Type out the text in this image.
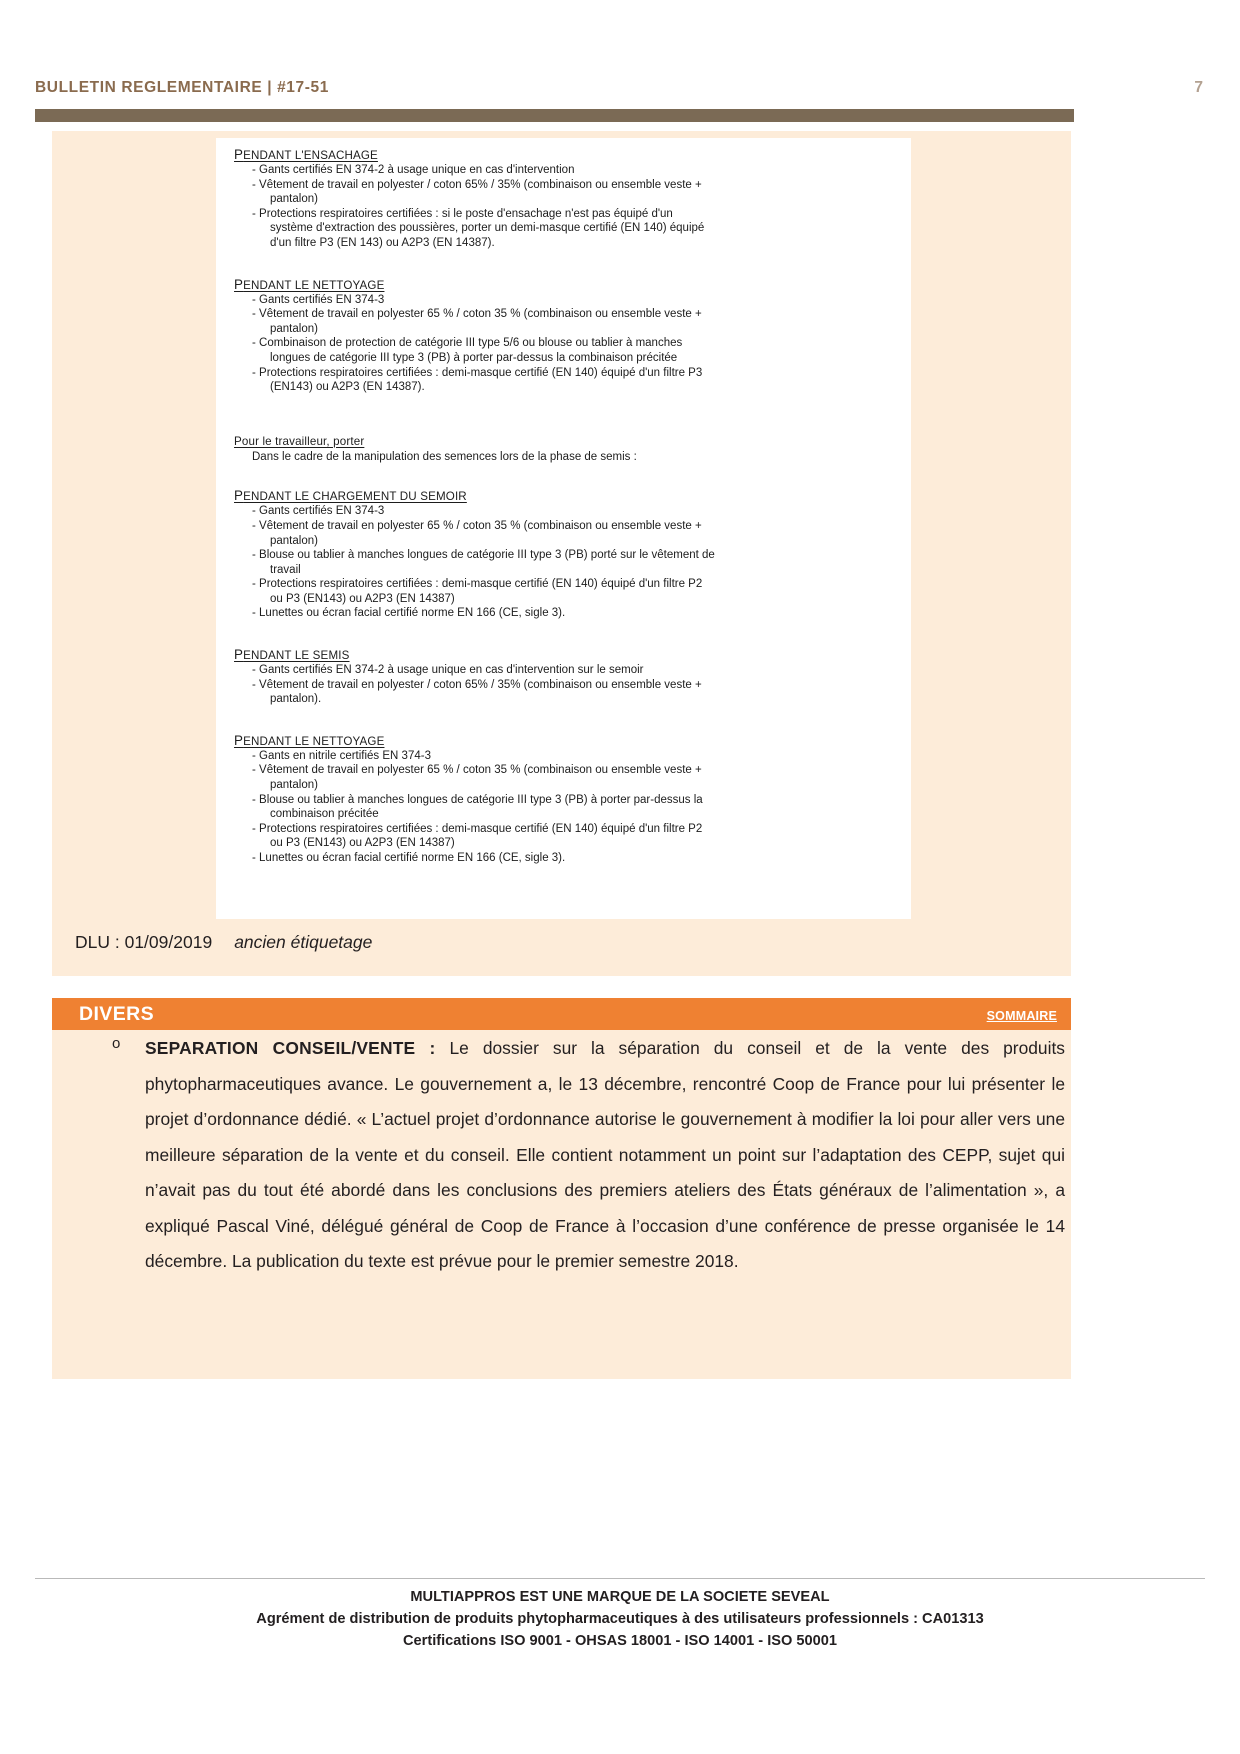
BULLETIN REGLEMENTAIRE | #17-51	7
PENDANT L'ENSACHAGE
- Gants certifiés EN 374-2 à usage unique en cas d'intervention
- Vêtement de travail en polyester / coton 65% / 35% (combinaison ou ensemble veste +
pantalon)
- Protections respiratoires certifiées : si le poste d'ensachage n'est pas équipé d'un
système d'extraction des poussières, porter un demi-masque certifié (EN 140) équipé
d'un filtre P3 (EN 143) ou A2P3 (EN 14387).
PENDANT LE NETTOYAGE
- Gants certifiés EN 374-3
- Vêtement de travail en polyester 65 % / coton 35 % (combinaison ou ensemble veste +
pantalon)
- Combinaison de protection de catégorie III type 5/6 ou blouse ou tablier à manches
longues de catégorie III type 3 (PB) à porter par-dessus la combinaison précitée
- Protections respiratoires certifiées : demi-masque certifié (EN 140) équipé d'un filtre P3
(EN143) ou A2P3 (EN 14387).
Pour le travailleur, porter
Dans le cadre de la manipulation des semences lors de la phase de semis :
PENDANT LE CHARGEMENT DU SEMOIR
- Gants certifiés EN 374-3
- Vêtement de travail en polyester 65 % / coton 35 % (combinaison ou ensemble veste +
pantalon)
- Blouse ou tablier à manches longues de catégorie III type 3 (PB) porté sur le vêtement de
travail
- Protections respiratoires certifiées : demi-masque certifié (EN 140) équipé d'un filtre P2
ou P3 (EN143) ou A2P3 (EN 14387)
- Lunettes ou écran facial certifié norme EN 166 (CE, sigle 3).
PENDANT LE SEMIS
- Gants certifiés EN 374-2 à usage unique en cas d'intervention sur le semoir
- Vêtement de travail en polyester / coton 65% / 35% (combinaison ou ensemble veste +
pantalon).
PENDANT LE NETTOYAGE
- Gants en nitrile certifiés EN 374-3
- Vêtement de travail en polyester 65 % / coton 35 % (combinaison ou ensemble veste +
pantalon)
- Blouse ou tablier à manches longues de catégorie III type 3 (PB) à porter par-dessus la
combinaison précitée
- Protections respiratoires certifiées : demi-masque certifié (EN 140) équipé d'un filtre P2
ou P3 (EN143) ou A2P3 (EN 14387)
- Lunettes ou écran facial certifié norme EN 166 (CE, sigle 3).
DLU : 01/09/2019 ancien étiquetage
DIVERS	SOMMAIRE
o SEPARATION CONSEIL/VENTE : Le dossier sur la séparation du conseil et de la vente des produits phytopharmaceutiques avance. Le gouvernement a, le 13 décembre, rencontré Coop de France pour lui présenter le projet d’ordonnance dédié. « L’actuel projet d’ordonnance autorise le gouvernement à modifier la loi pour aller vers une meilleure séparation de la vente et du conseil. Elle contient notamment un point sur l’adaptation des CEPP, sujet qui n’avait pas du tout été abordé dans les conclusions des premiers ateliers des États généraux de l’alimentation », a expliqué Pascal Viné, délégué général de Coop de France à l’occasion d’une conférence de presse organisée le 14 décembre. La publication du texte est prévue pour le premier semestre 2018.
MULTIAPPROS EST UNE MARQUE DE LA SOCIETE SEVEAL
Agrément de distribution de produits phytopharmaceutiques à des utilisateurs professionnels : CA01313
Certifications ISO 9001 - OHSAS 18001 - ISO 14001 - ISO 50001
